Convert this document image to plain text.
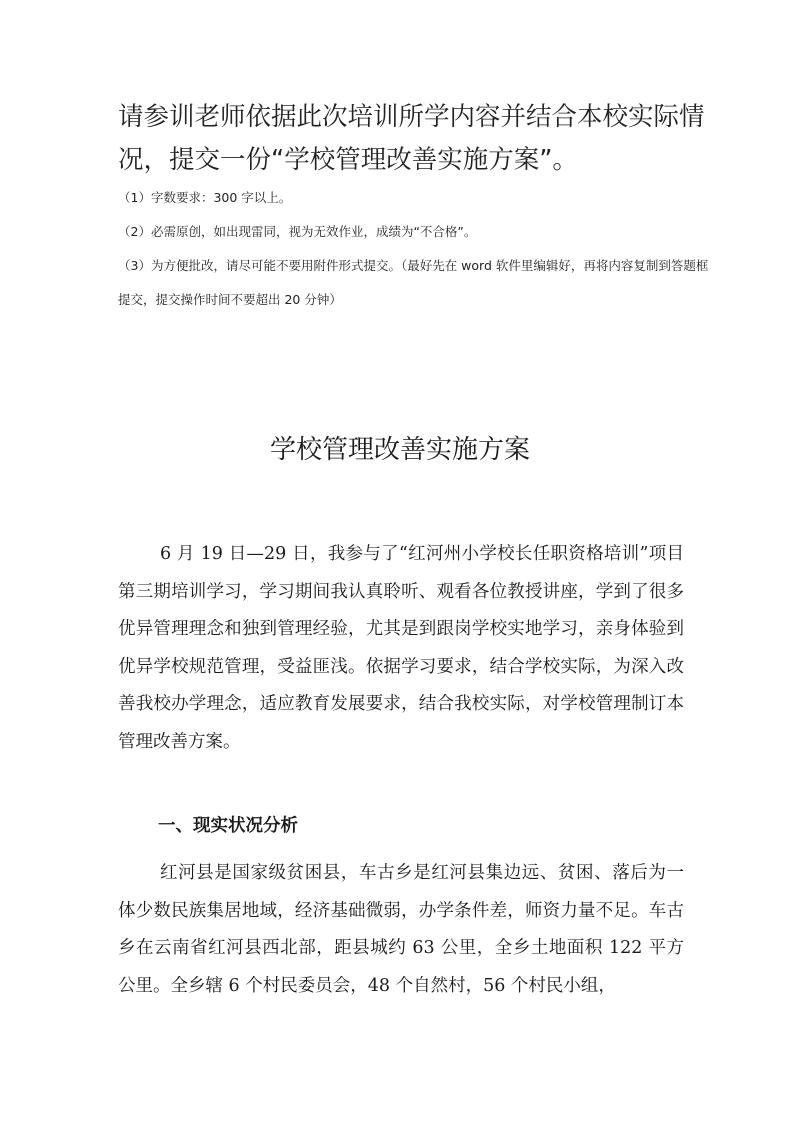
请参训老师依据此次培训所学内容并结合本校实际情况，提交一份“学校管理改善实施方案”。

（1）字数要求：300 字以上。

（2）必需原创，如出现雷同，视为无效作业，成绩为“不合格”。

（3）为方便批改，请尽可能不要用附件形式提交。（最好先在 word 软件里编辑好，再将内容复制到答题框提交，提交操作时间不要超出 20 分钟）

学校管理改善实施方案

6 月 19 日—29 日，我参与了“红河州小学校长任职资格培训”项目第三期培训学习，学习期间我认真聆听、观看各位教授讲座，学到了很多优异管理理念和独到管理经验，尤其是到跟岗学校实地学习，亲身体验到优异学校规范管理，受益匪浅。依据学习要求，结合学校实际，为深入改善我校办学理念，适应教育发展要求，结合我校实际，对学校管理制订本管理改善方案。

一、现实状况分析

红河县是国家级贫困县，车古乡是红河县集边远、贫困、落后为一体少数民族集居地域，经济基础微弱，办学条件差，师资力量不足。车古乡在云南省红河县西北部，距县城约 63 公里，全乡土地面积 122 平方公里。全乡辖 6 个村民委员会，48 个自然村，56 个村民小组，
